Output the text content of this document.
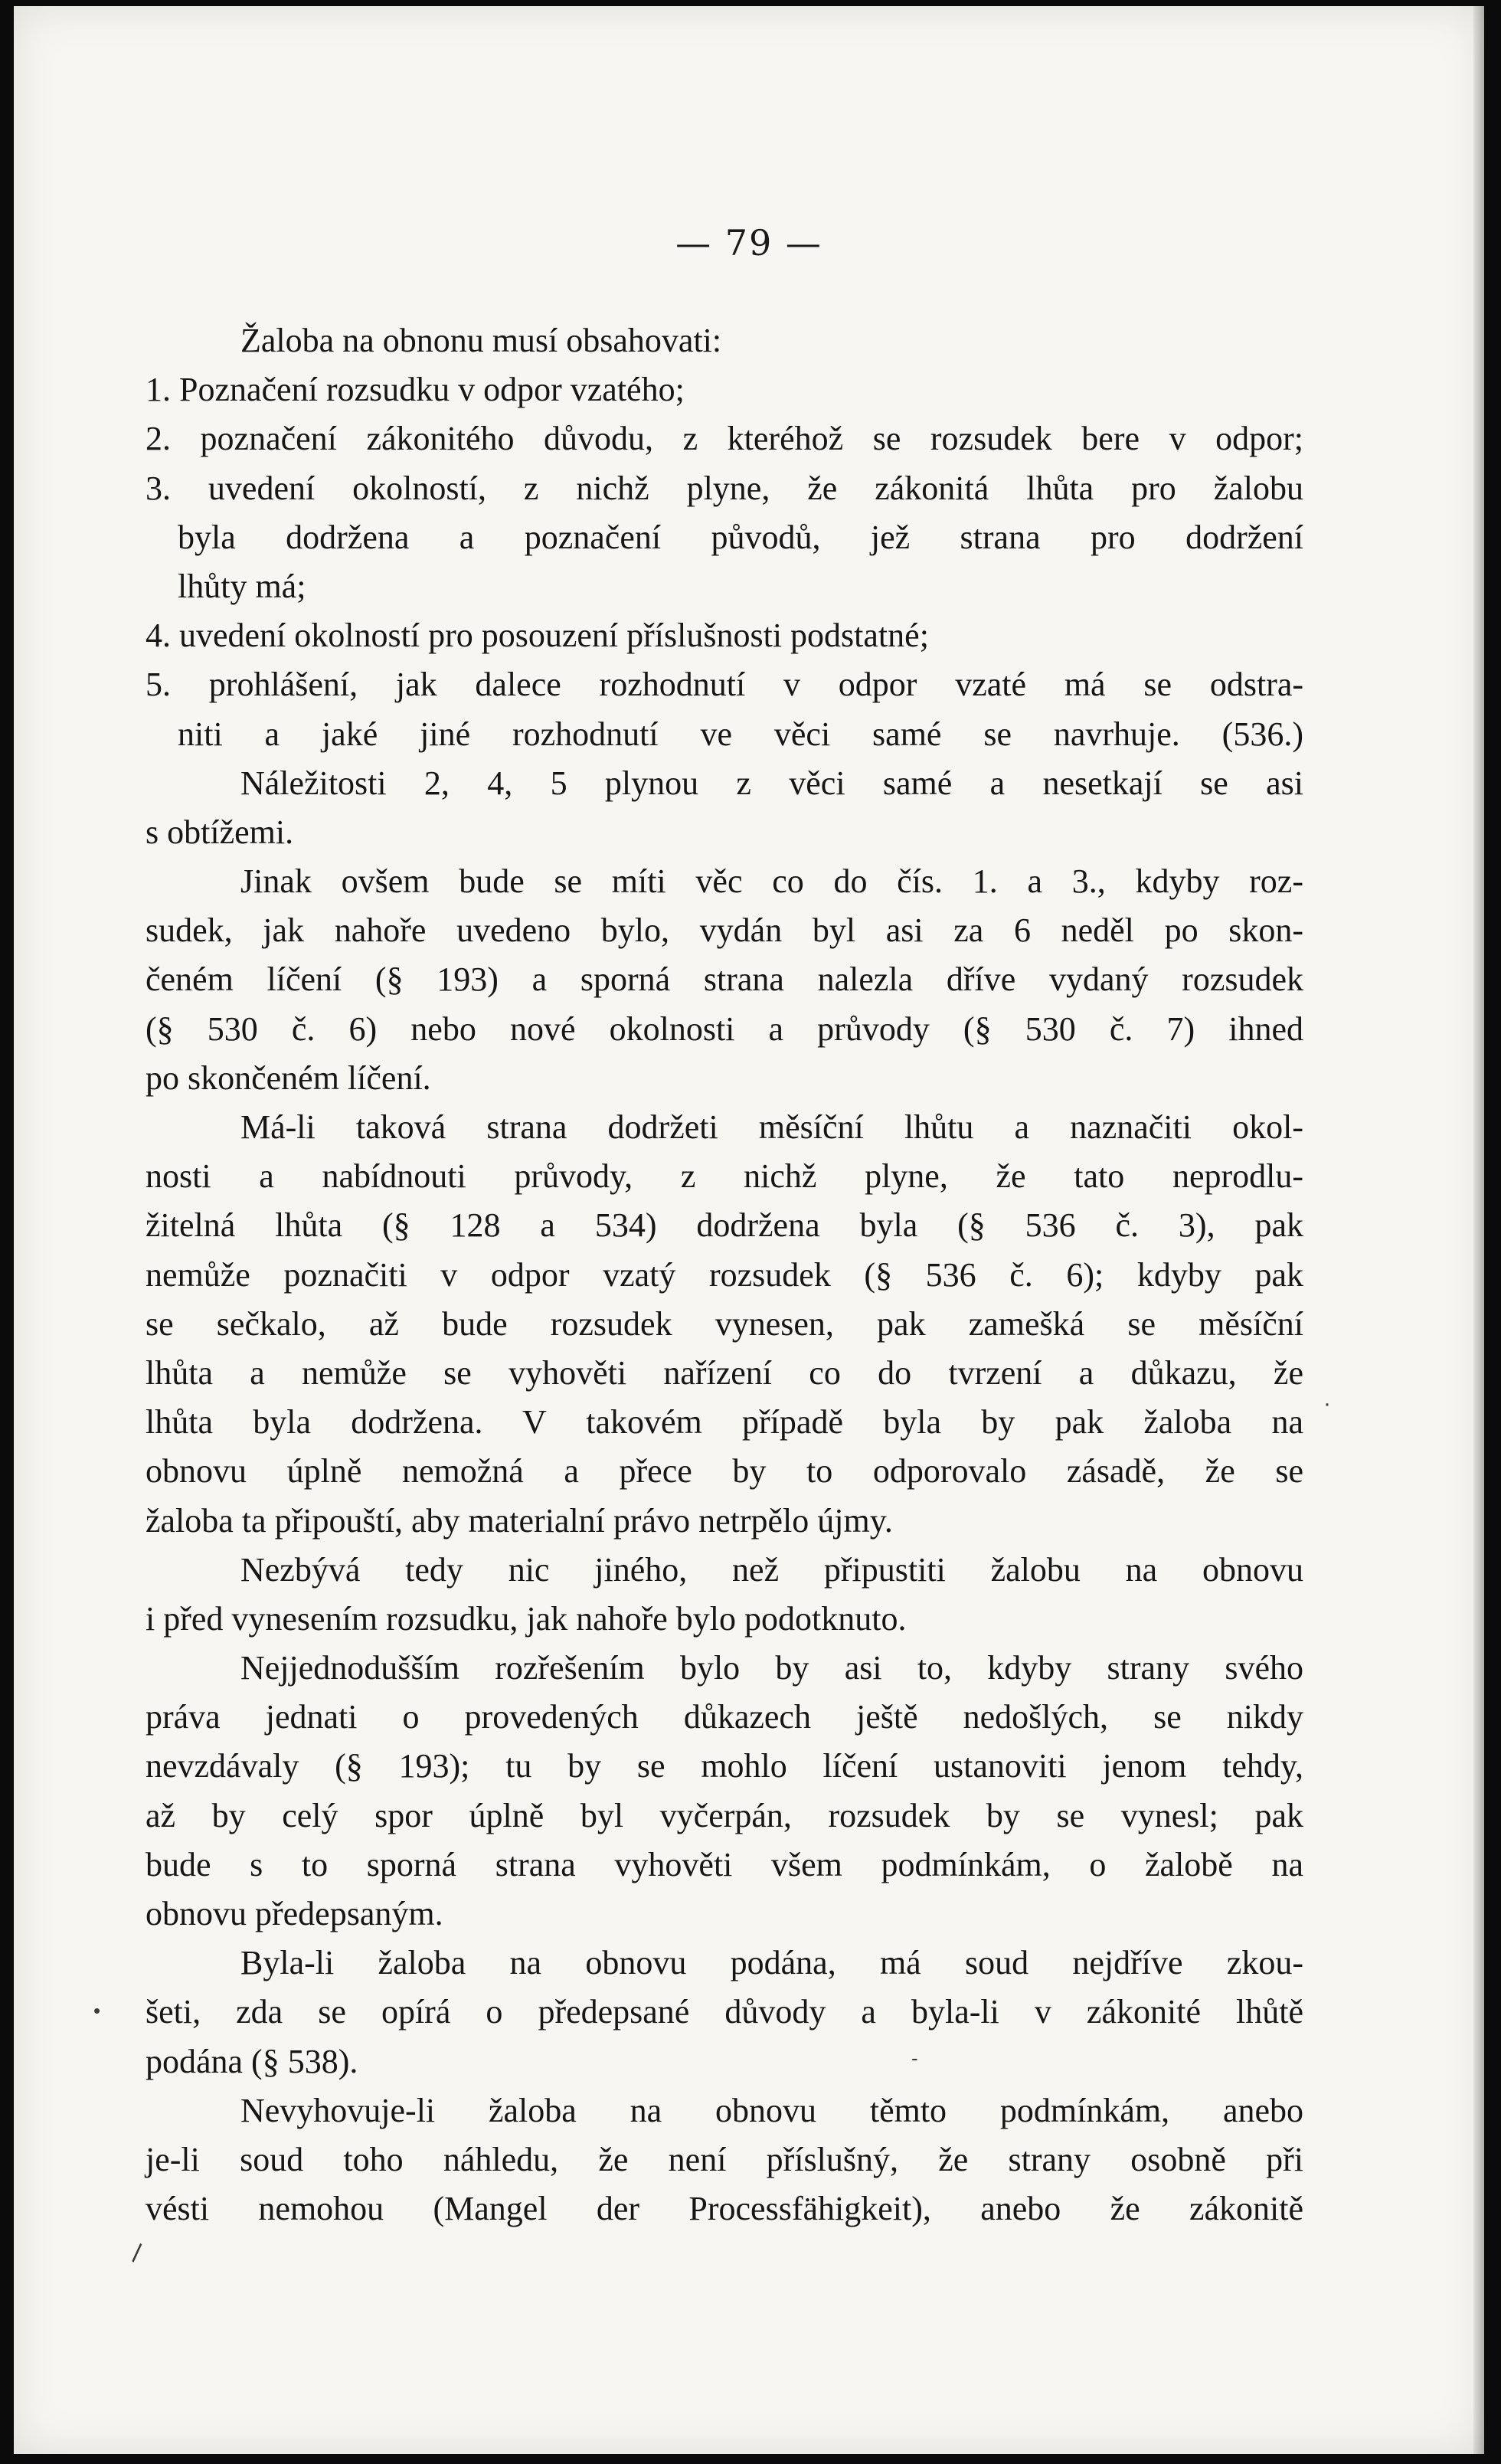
— 79 —
Žaloba na obnonu musí obsahovati:
1. Poznačení rozsudku v odpor vzatého;
2. poznačení zákonitého důvodu, z kteréhož se rozsudek bere v odpor;
3. uvedení okolností, z nichž plyne, že zákonitá lhůta pro žalobu
byla dodržena a poznačení původů, jež strana pro dodržení
lhůty má;
4. uvedení okolností pro posouzení příslušnosti podstatné;
5. prohlášení, jak dalece rozhodnutí v odpor vzaté má se odstra-
niti a jaké jiné rozhodnutí ve věci samé se navrhuje. (536.)
Náležitosti 2, 4, 5 plynou z věci samé a nesetkají se asi
s obtížemi.
Jinak ovšem bude se míti věc co do čís. 1. a 3., kdyby roz-
sudek, jak nahoře uvedeno bylo, vydán byl asi za 6 neděl po skon-
čeném líčení (§ 193) a sporná strana nalezla dříve vydaný rozsudek
(§ 530 č. 6) nebo nové okolnosti a průvody (§ 530 č. 7) ihned
po skončeném líčení.
Má-li taková strana dodržeti měsíční lhůtu a naznačiti okol-
nosti a nabídnouti průvody, z nichž plyne, že tato neprodlu-
žitelná lhůta (§ 128 a 534) dodržena byla (§ 536 č. 3), pak
nemůže poznačiti v odpor vzatý rozsudek (§ 536 č. 6); kdyby pak
se sečkalo, až bude rozsudek vynesen, pak zamešká se měsíční
lhůta a nemůže se vyhověti nařízení co do tvrzení a důkazu, že
lhůta byla dodržena. V takovém případě byla by pak žaloba na
obnovu úplně nemožná a přece by to odporovalo zásadě, že se
žaloba ta připouští, aby materialní právo netrpělo újmy.
Nezbývá tedy nic jiného, než připustiti žalobu na obnovu
i před vynesením rozsudku, jak nahoře bylo podotknuto.
Nejjednodušším rozřešením bylo by asi to, kdyby strany svého
práva jednati o provedených důkazech ještě nedošlých, se nikdy
nevzdávaly (§ 193); tu by se mohlo líčení ustanoviti jenom tehdy,
až by celý spor úplně byl vyčerpán, rozsudek by se vynesl; pak
bude s to sporná strana vyhověti všem podmínkám, o žalobě na
obnovu předepsaným.
Byla-li žaloba na obnovu podána, má soud nejdříve zkou-
šeti, zda se opírá o předepsané důvody a byla-li v zákonité lhůtě
podána (§ 538).
Nevyhovuje-li žaloba na obnovu těmto podmínkám, anebo
je-li soud toho náhledu, že není příslušný, že strany osobně při
vésti nemohou (Mangel der Processfähigkeit), anebo že zákonitě
·
•
-
\
